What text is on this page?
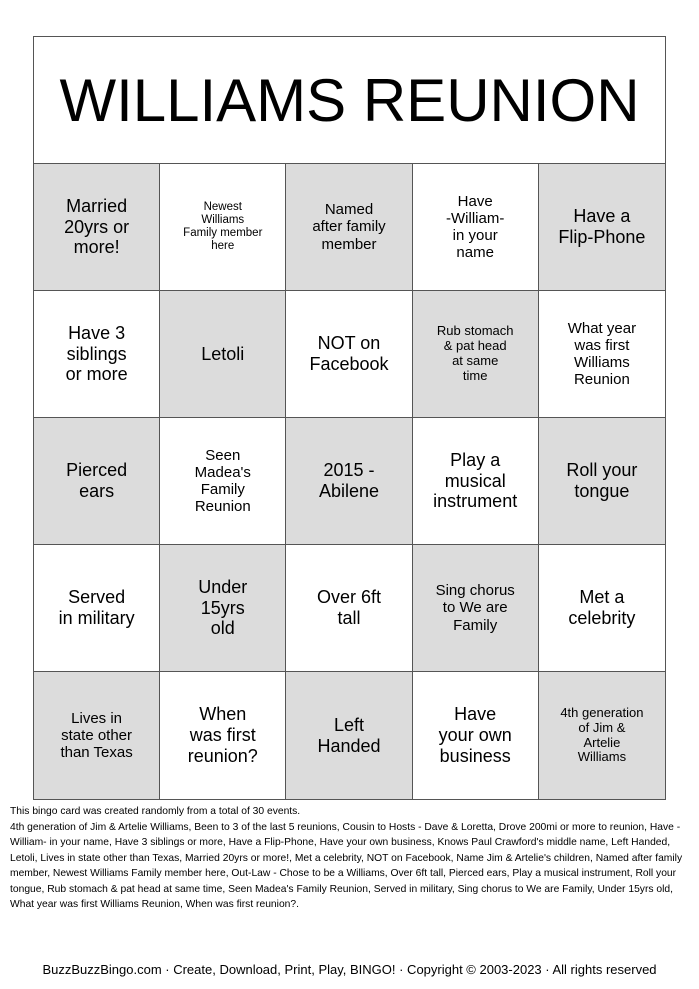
WILLIAMS REUNION
Married
20yrs or
more!
Newest
Williams
Family member
here
Named
after family
member
Have
-William-
in your
name
Have a
Flip-Phone
Have 3
siblings
or more
Letoli
NOT on
Facebook
Rub stomach
& pat head
at same
time
What year
was first
Williams
Reunion
Pierced
ears
Seen
Madea's
Family
Reunion
2015 -
Abilene
Play a
musical
instrument
Roll your
tongue
Served
in military
Under
15yrs
old
Over 6ft
tall
Sing chorus
to We are
Family
Met a
celebrity
Lives in
state other
than Texas
When
was first
reunion?
Left
Handed
Have
your own
business
4th generation
of Jim &
Artelie
Williams
This bingo card was created randomly from a total of 30 events.
4th generation of Jim & Artelie Williams, Been to 3 of the last 5 reunions, Cousin to Hosts - Dave & Loretta, Drove 200mi or more to reunion, Have -William- in your name, Have 3 siblings or more, Have a Flip-Phone, Have your own business, Knows Paul Crawford's middle name, Left Handed, Letoli, Lives in state other than Texas, Married 20yrs or more!, Met a celebrity, NOT on Facebook, Name Jim & Artelie's children, Named after family member, Newest Williams Family member here, Out-Law - Chose to be a Williams, Over 6ft tall, Pierced ears, Play a musical instrument, Roll your tongue, Rub stomach & pat head at same time, Seen Madea's Family Reunion, Served in military, Sing chorus to We are Family, Under 15yrs old, What year was first Williams Reunion, When was first reunion?.
BuzzBuzzBingo.com · Create, Download, Print, Play, BINGO! · Copyright © 2003-2023 · All rights reserved
